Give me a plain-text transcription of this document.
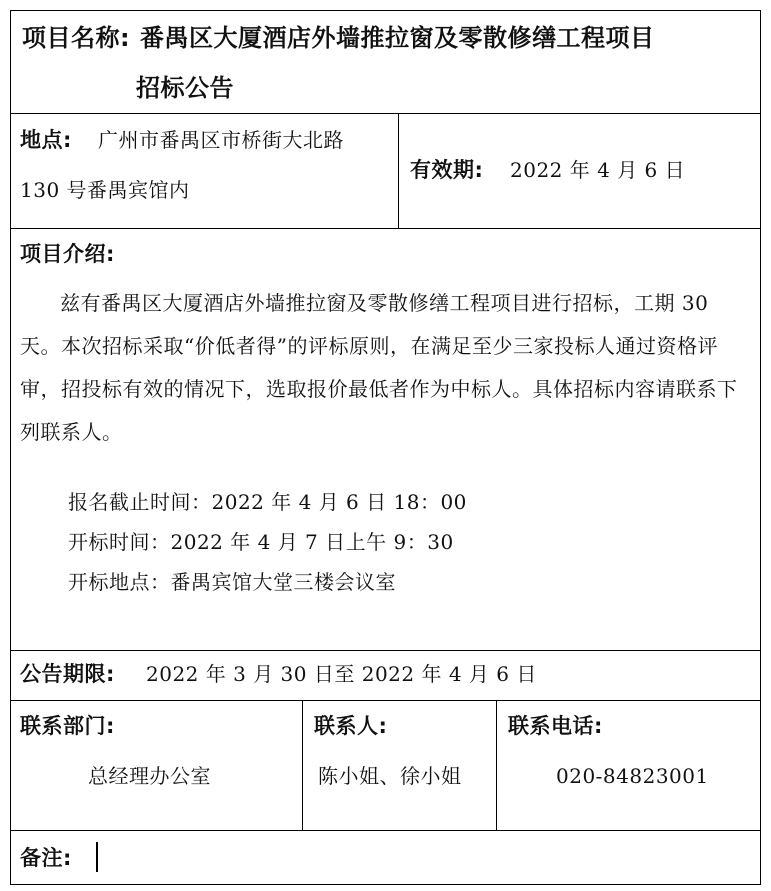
项目名称: 番禺区大厦酒店外墙推拉窗及零散修缮工程项目
招标公告
地点: 广州市番禺区市桥街大北路
130 号番禺宾馆内
有效期: 2022 年 4 月 6 日
项目介绍:
兹有番禺区大厦酒店外墙推拉窗及零散修缮工程项目进行招标，工期 30 天。本次招标采取“价低者得”的评标原则，在满足至少三家投标人通过资格评审，招投标有效的情况下，选取报价最低者作为中标人。具体招标内容请联系下列联系人。
报名截止时间：2022 年 4 月 6 日 18：00
开标时间：2022 年 4 月 7 日上午 9：30
开标地点：番禺宾馆大堂三楼会议室
公告期限: 2022 年 3 月 30 日至 2022 年 4 月 6 日
联系部门:
总经理办公室
联系人:
陈小姐、徐小姐
联系电话:
020-84823001
备注:
